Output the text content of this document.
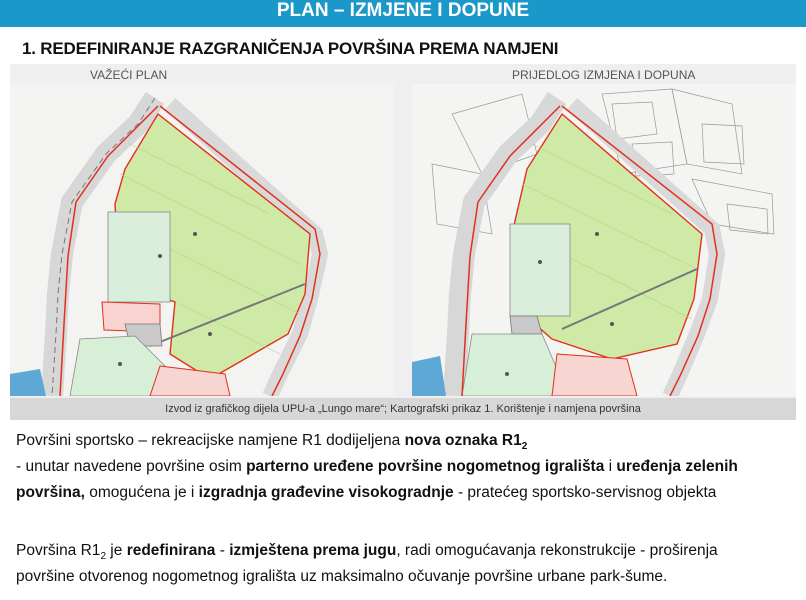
PLAN – IZMJENE I DOPUNE
1. REDEFINIRANJE RAZGRANIČENJA POVRŠINA PREMA NAMJENI
VAŽEĆI PLAN	PRIJEDLOG IZMJENA I DOPUNA
Izvod iz grafičkog dijela UPU-a „Lungo mare“; Kartografski prikaz 1. Korištenje i namjena površina
Površini sportsko – rekreacijske namjene R1 dodijeljena nova oznaka $R1_2$
- unutar navedene površine osim parterno uređene površine nogometnog igrališta i uređenja zelenih
površina, omogućena je i izgradnja građevine visokogradnje - pratećeg sportsko-servisnog objekta
Površina $R1_2$ je redefinirana - izmještena prema jugu, radi omogućavanja rekonstrukcije - proširenja
površine otvorenog nogometnog igrališta uz maksimalno očuvanje površine urbane park-šume.
